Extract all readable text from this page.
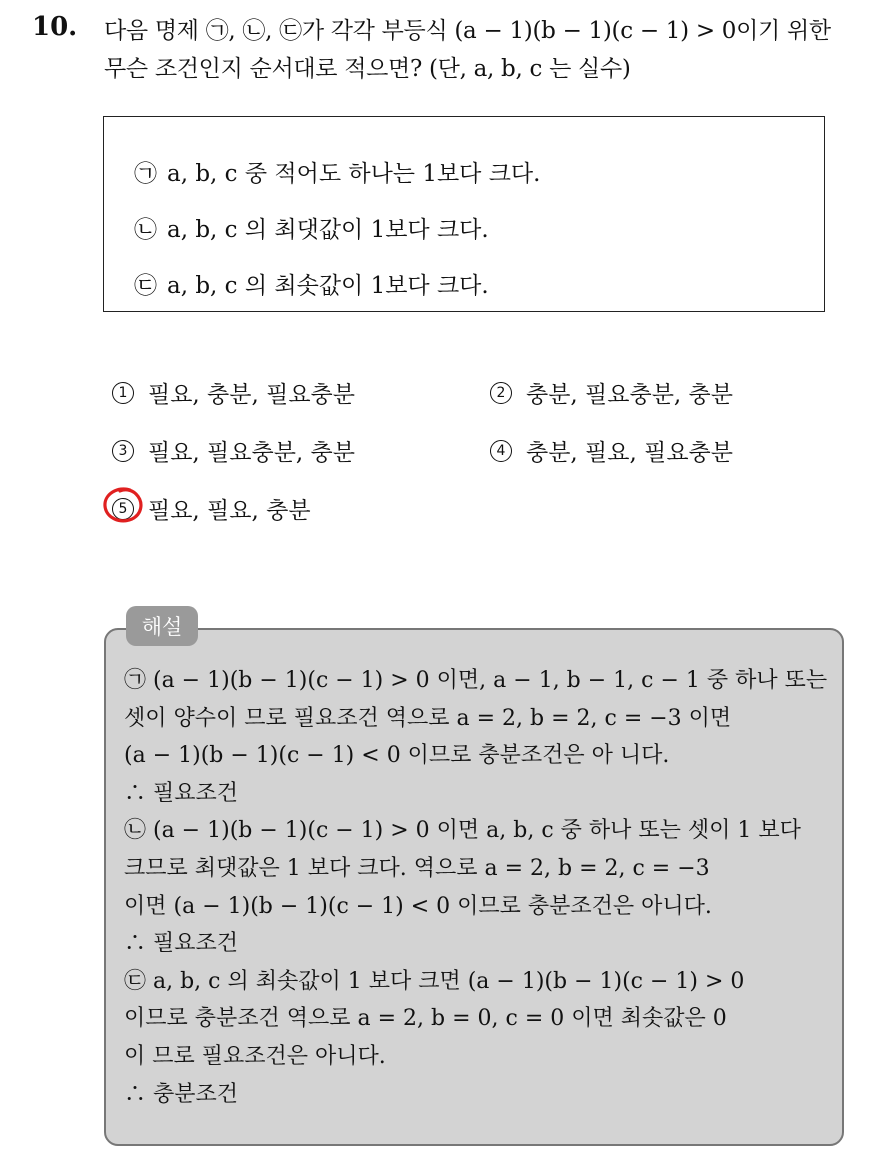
10. 다음 명제 ㉠, ㉡, ㉢가 각각 부등식 (a − 1)(b − 1)(c − 1) > 0이기 위한
무슨 조건인지 순서대로 적으면? (단, a, b, c 는 실수)
㉠ a, b, c 중 적어도 하나는 1보다 크다.
㉡ a, b, c 의 최댓값이 1보다 크다.
㉢ a, b, c 의 최솟값이 1보다 크다.
1 필요, 충분, 필요충분	2 충분, 필요충분, 충분
3 필요, 필요충분, 충분	4 충분, 필요, 필요충분
5 필요, 필요, 충분
해설
㉠ (a − 1)(b − 1)(c − 1) > 0 이면, a − 1, b − 1, c − 1 중 하나 또는
셋이 양수이 므로 필요조건 역으로 a = 2, b = 2, c = −3 이면
(a − 1)(b − 1)(c − 1) < 0 이므로 충분조건은 아 니다.
∴ 필요조건
㉡ (a − 1)(b − 1)(c − 1) > 0 이면 a, b, c 중 하나 또는 셋이 1 보다
크므로 최댓값은 1 보다 크다. 역으로 a = 2, b = 2, c = −3
이면 (a − 1)(b − 1)(c − 1) < 0 이므로 충분조건은 아니다.
∴ 필요조건
㉢ a, b, c 의 최솟값이 1 보다 크면 (a − 1)(b − 1)(c − 1) > 0
이므로 충분조건 역으로 a = 2, b = 0, c = 0 이면 최솟값은 0
이 므로 필요조건은 아니다.
∴ 충분조건
